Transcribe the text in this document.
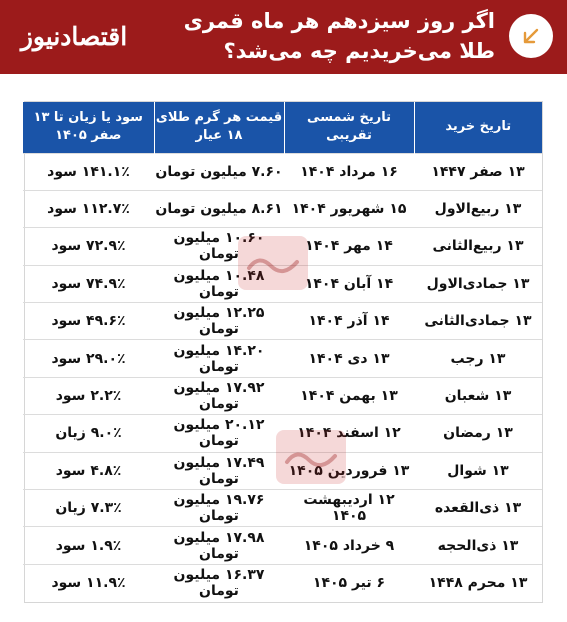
اگر روز سیزدهم هر ماه قمری طلا می‌خریدیم چه می‌شد؟
اقتصادنیوز
تاریخ خرید	تاریخ شمسی تقریبی	قیمت هر گرم طلای ۱۸ عیار	سود یا زیان تا ۱۳ صفر ۱۴۰۵
۱۳ صفر ۱۴۴۷	۱۶ مرداد ۱۴۰۴	۷.۶۰ میلیون تومان	۱۴۱.۱٪ سود
۱۳ ربیع‌الاول	۱۵ شهریور ۱۴۰۴	۸.۶۱ میلیون تومان	۱۱۲.۷٪ سود
۱۳ ربیع‌الثانی	۱۴ مهر ۱۴۰۴	۱۰.۶۰ میلیون تومان	۷۲.۹٪ سود
۱۳ جمادی‌الاول	۱۴ آبان ۱۴۰۴	۱۰.۴۸ میلیون تومان	۷۴.۹٪ سود
۱۳ جمادی‌الثانی	۱۴ آذر ۱۴۰۴	۱۲.۲۵ میلیون تومان	۴۹.۶٪ سود
۱۳ رجب	۱۳ دی ۱۴۰۴	۱۴.۲۰ میلیون تومان	۲۹.۰٪ سود
۱۳ شعبان	۱۳ بهمن ۱۴۰۴	۱۷.۹۲ میلیون تومان	۲.۲٪ سود
۱۳ رمضان	۱۲ اسفند ۱۴۰۴	۲۰.۱۲ میلیون تومان	۹.۰٪ زیان
۱۳ شوال	۱۳ فروردین ۱۴۰۵	۱۷.۴۹ میلیون تومان	۴.۸٪ سود
۱۳ ذی‌القعده	۱۲ اردیبهشت ۱۴۰۵	۱۹.۷۶ میلیون تومان	۷.۳٪ زیان
۱۳ ذی‌الحجه	۹ خرداد ۱۴۰۵	۱۷.۹۸ میلیون تومان	۱.۹٪ سود
۱۳ محرم ۱۴۴۸	۶ تیر ۱۴۰۵	۱۶.۳۷ میلیون تومان	۱۱.۹٪ سود
